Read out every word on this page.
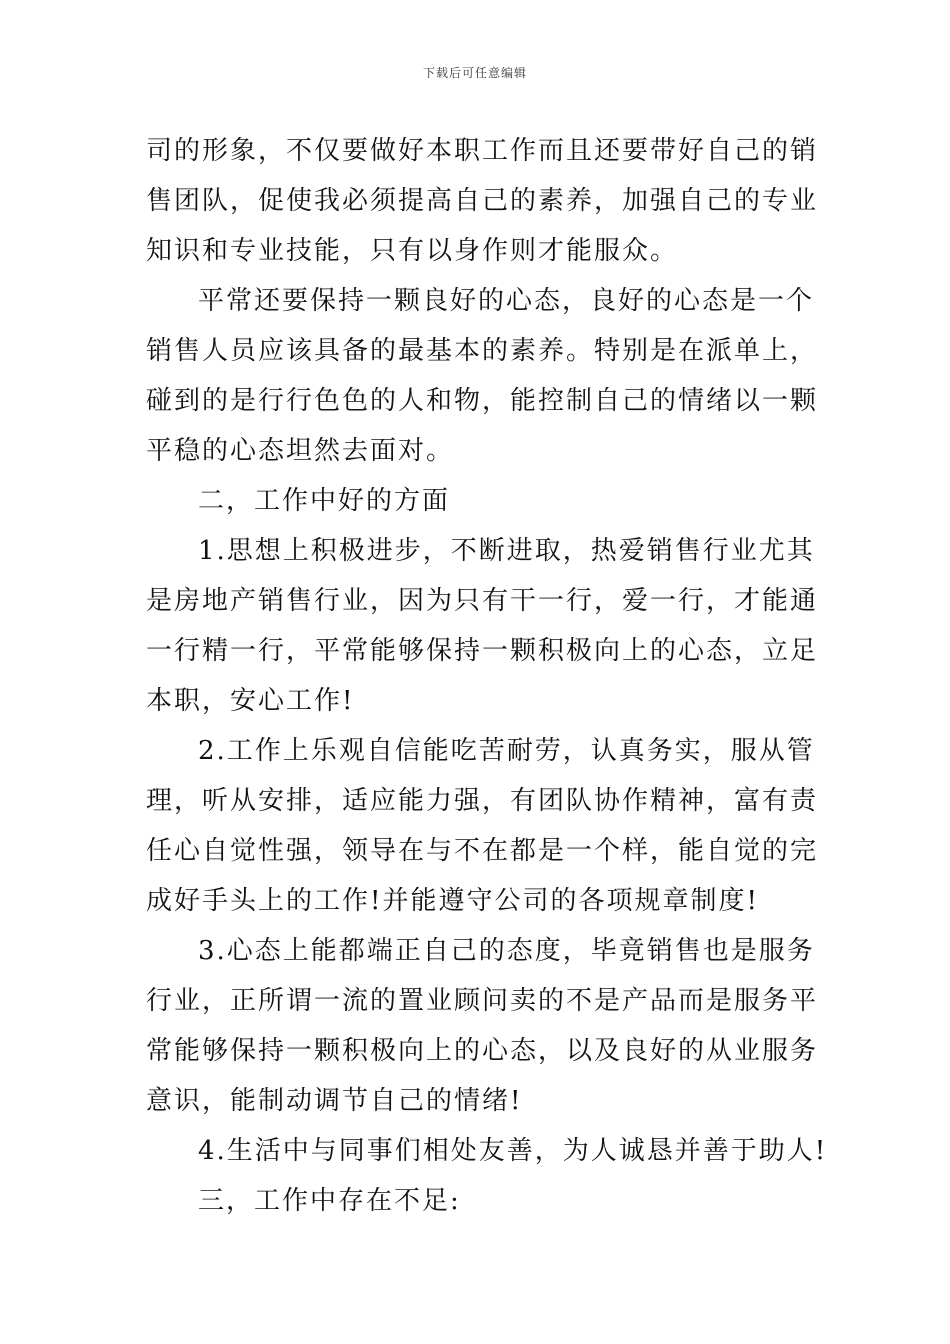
下载后可任意编辑

司的形象，不仅要做好本职工作而且还要带好自己的销售团队，促使我必须提高自己的素养，加强自己的专业知识和专业技能，只有以身作则才能服众。

平常还要保持一颗良好的心态，良好的心态是一个销售人员应该具备的最基本的素养。特别是在派单上，碰到的是行行色色的人和物，能控制自己的情绪以一颗平稳的心态坦然去面对。

二，工作中好的方面

1.思想上积极进步，不断进取，热爱销售行业尤其是房地产销售行业，因为只有干一行，爱一行，才能通一行精一行，平常能够保持一颗积极向上的心态，立足本职，安心工作!

2.工作上乐观自信能吃苦耐劳，认真务实，服从管理，听从安排，适应能力强，有团队协作精神，富有责任心自觉性强，领导在与不在都是一个样，能自觉的完成好手头上的工作!并能遵守公司的各项规章制度!

3.心态上能都端正自己的态度，毕竟销售也是服务行业，正所谓一流的置业顾问卖的不是产品而是服务平常能够保持一颗积极向上的心态，以及良好的从业服务意识，能制动调节自己的情绪!

4.生活中与同事们相处友善，为人诚恳并善于助人!

三，工作中存在不足:
